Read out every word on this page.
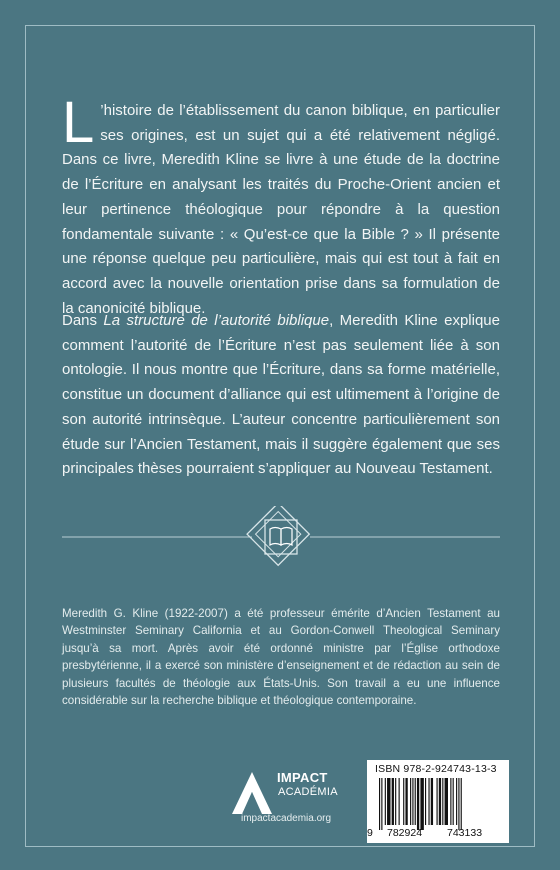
L ’histoire de l’établissement du canon biblique, en particulier ses origines, est un sujet qui a été relativement négligé. Dans ce livre, Meredith Kline se livre à une étude de la doctrine de l’Écriture en analysant les traités du Proche-Orient ancien et leur pertinence théologique pour répondre à la question fondamentale suivante : « Qu’est-ce que la Bible ? » Il présente une réponse quelque peu particulière, mais qui est tout à fait en accord avec la nouvelle orientation prise dans sa formulation de la canonicité biblique.

Dans La structure de l’autorité biblique, Meredith Kline explique comment l’autorité de l’Écriture n’est pas seulement liée à son ontologie. Il nous montre que l’Écriture, dans sa forme matérielle, constitue un document d’alliance qui est ultimement à l’origine de son autorité intrinsèque. L’auteur concentre particulièrement son étude sur l’Ancien Testament, mais il suggère également que ses principales thèses pourraient s’appliquer au Nouveau Testament.

Meredith G. Kline (1922-2007) a été professeur émérite d’Ancien Testament au Westminster Seminary California et au Gordon-Conwell Theological Seminary jusqu’à sa mort. Après avoir été ordonné ministre par l’Église orthodoxe presbytérienne, il a exercé son ministère d’enseignement et de rédaction au sein de plusieurs facultés de théologie aux États-Unis. Son travail a eu une influence considérable sur la recherche biblique et théologique contemporaine.

IMPACT
ACADÉMIA
impactacademia.org
ISBN 978-2-924743-13-3
9 782924 743133
